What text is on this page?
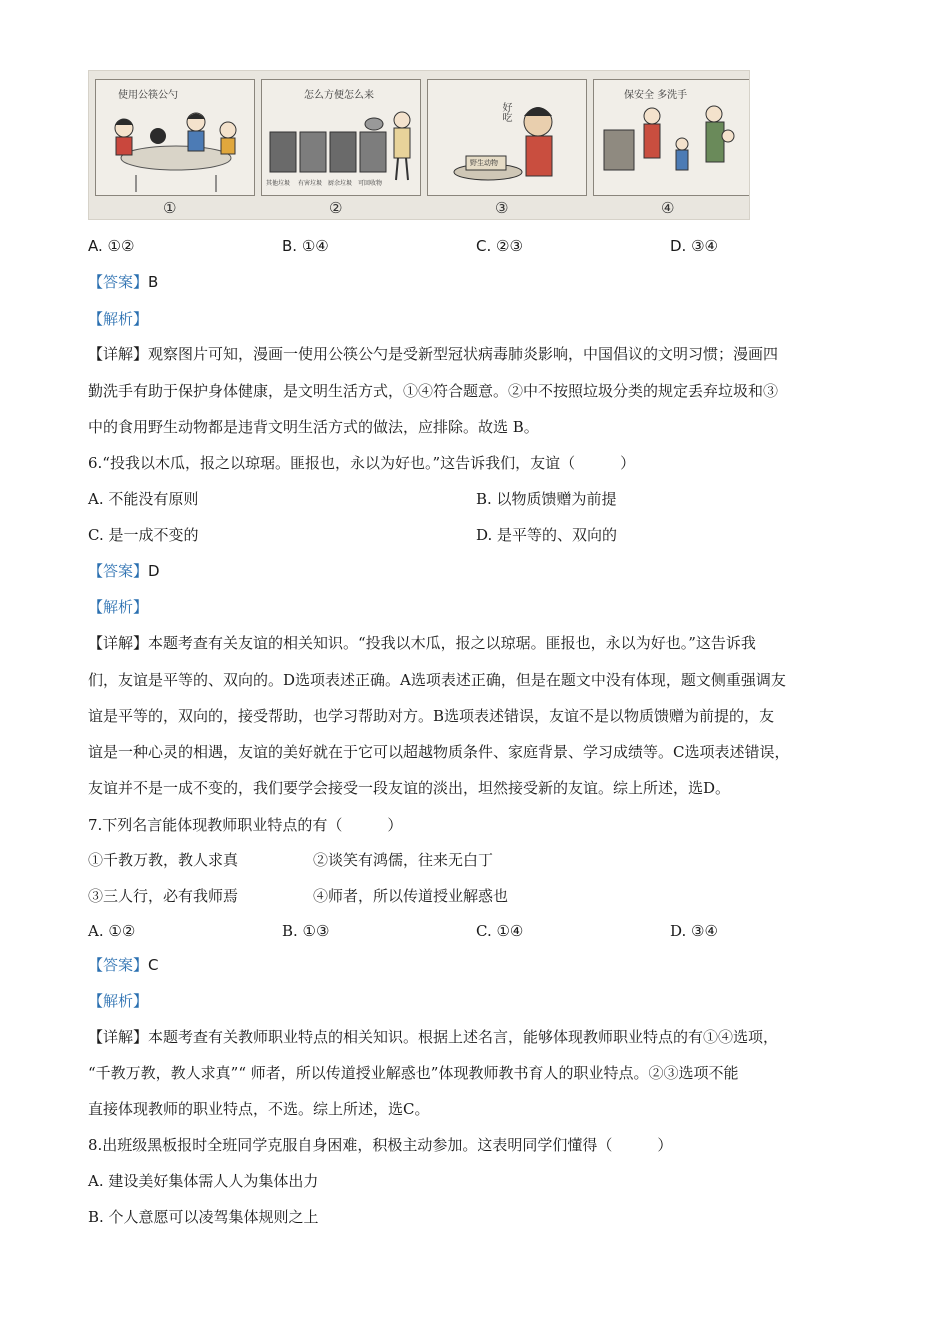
使用公筷公勺
①
怎么方便怎么来
其他垃圾 有害垃圾 厨余垃圾 可回收物
②
好吃
野生动物
③
保安全 多洗手
④
A. ①②	B. ①④	C. ②③	D. ③④
【答案】B
【解析】
【详解】观察图片可知，漫画一使用公筷公勺是受新型冠状病毒肺炎影响，中国倡议的文明习惯；漫画四
勤洗手有助于保护身体健康，是文明生活方式，①④符合题意。②中不按照垃圾分类的规定丢弃垃圾和③
中的食用野生动物都是违背文明生活方式的做法，应排除。故选 B。
6.“投我以木瓜，报之以琼琚。匪报也，永以为好也。”这告诉我们，友谊（　　　）
A. 不能没有原则	B. 以物质馈赠为前提
C. 是一成不变的	D. 是平等的、双向的
【答案】D
【解析】
【详解】本题考查有关友谊的相关知识。“投我以木瓜，报之以琼琚。匪报也，永以为好也。”这告诉我
们，友谊是平等的、双向的。D选项表述正确。A选项表述正确，但是在题文中没有体现，题文侧重强调友
谊是平等的，双向的，接受帮助，也学习帮助对方。B选项表述错误，友谊不是以物质馈赠为前提的，友
谊是一种心灵的相遇，友谊的美好就在于它可以超越物质条件、家庭背景、学习成绩等。C选项表述错误，
友谊并不是一成不变的，我们要学会接受一段友谊的淡出，坦然接受新的友谊。综上所述，选D。
7.下列名言能体现教师职业特点的有（　　　）
①千教万教，教人求真	②谈笑有鸿儒，往来无白丁
③三人行，必有我师焉	④师者，所以传道授业解惑也
A. ①②	B. ①③	C. ①④	D. ③④
【答案】C
【解析】
【详解】本题考查有关教师职业特点的相关知识。根据上述名言，能够体现教师职业特点的有①④选项，
“千教万教，教人求真”“ 师者，所以传道授业解惑也”体现教师教书育人的职业特点。②③选项不能
直接体现教师的职业特点，不选。综上所述，选C。
8.出班级黑板报时全班同学克服自身困难，积极主动参加。这表明同学们懂得（　　　）
A. 建设美好集体需人人为集体出力
B. 个人意愿可以凌驾集体规则之上
